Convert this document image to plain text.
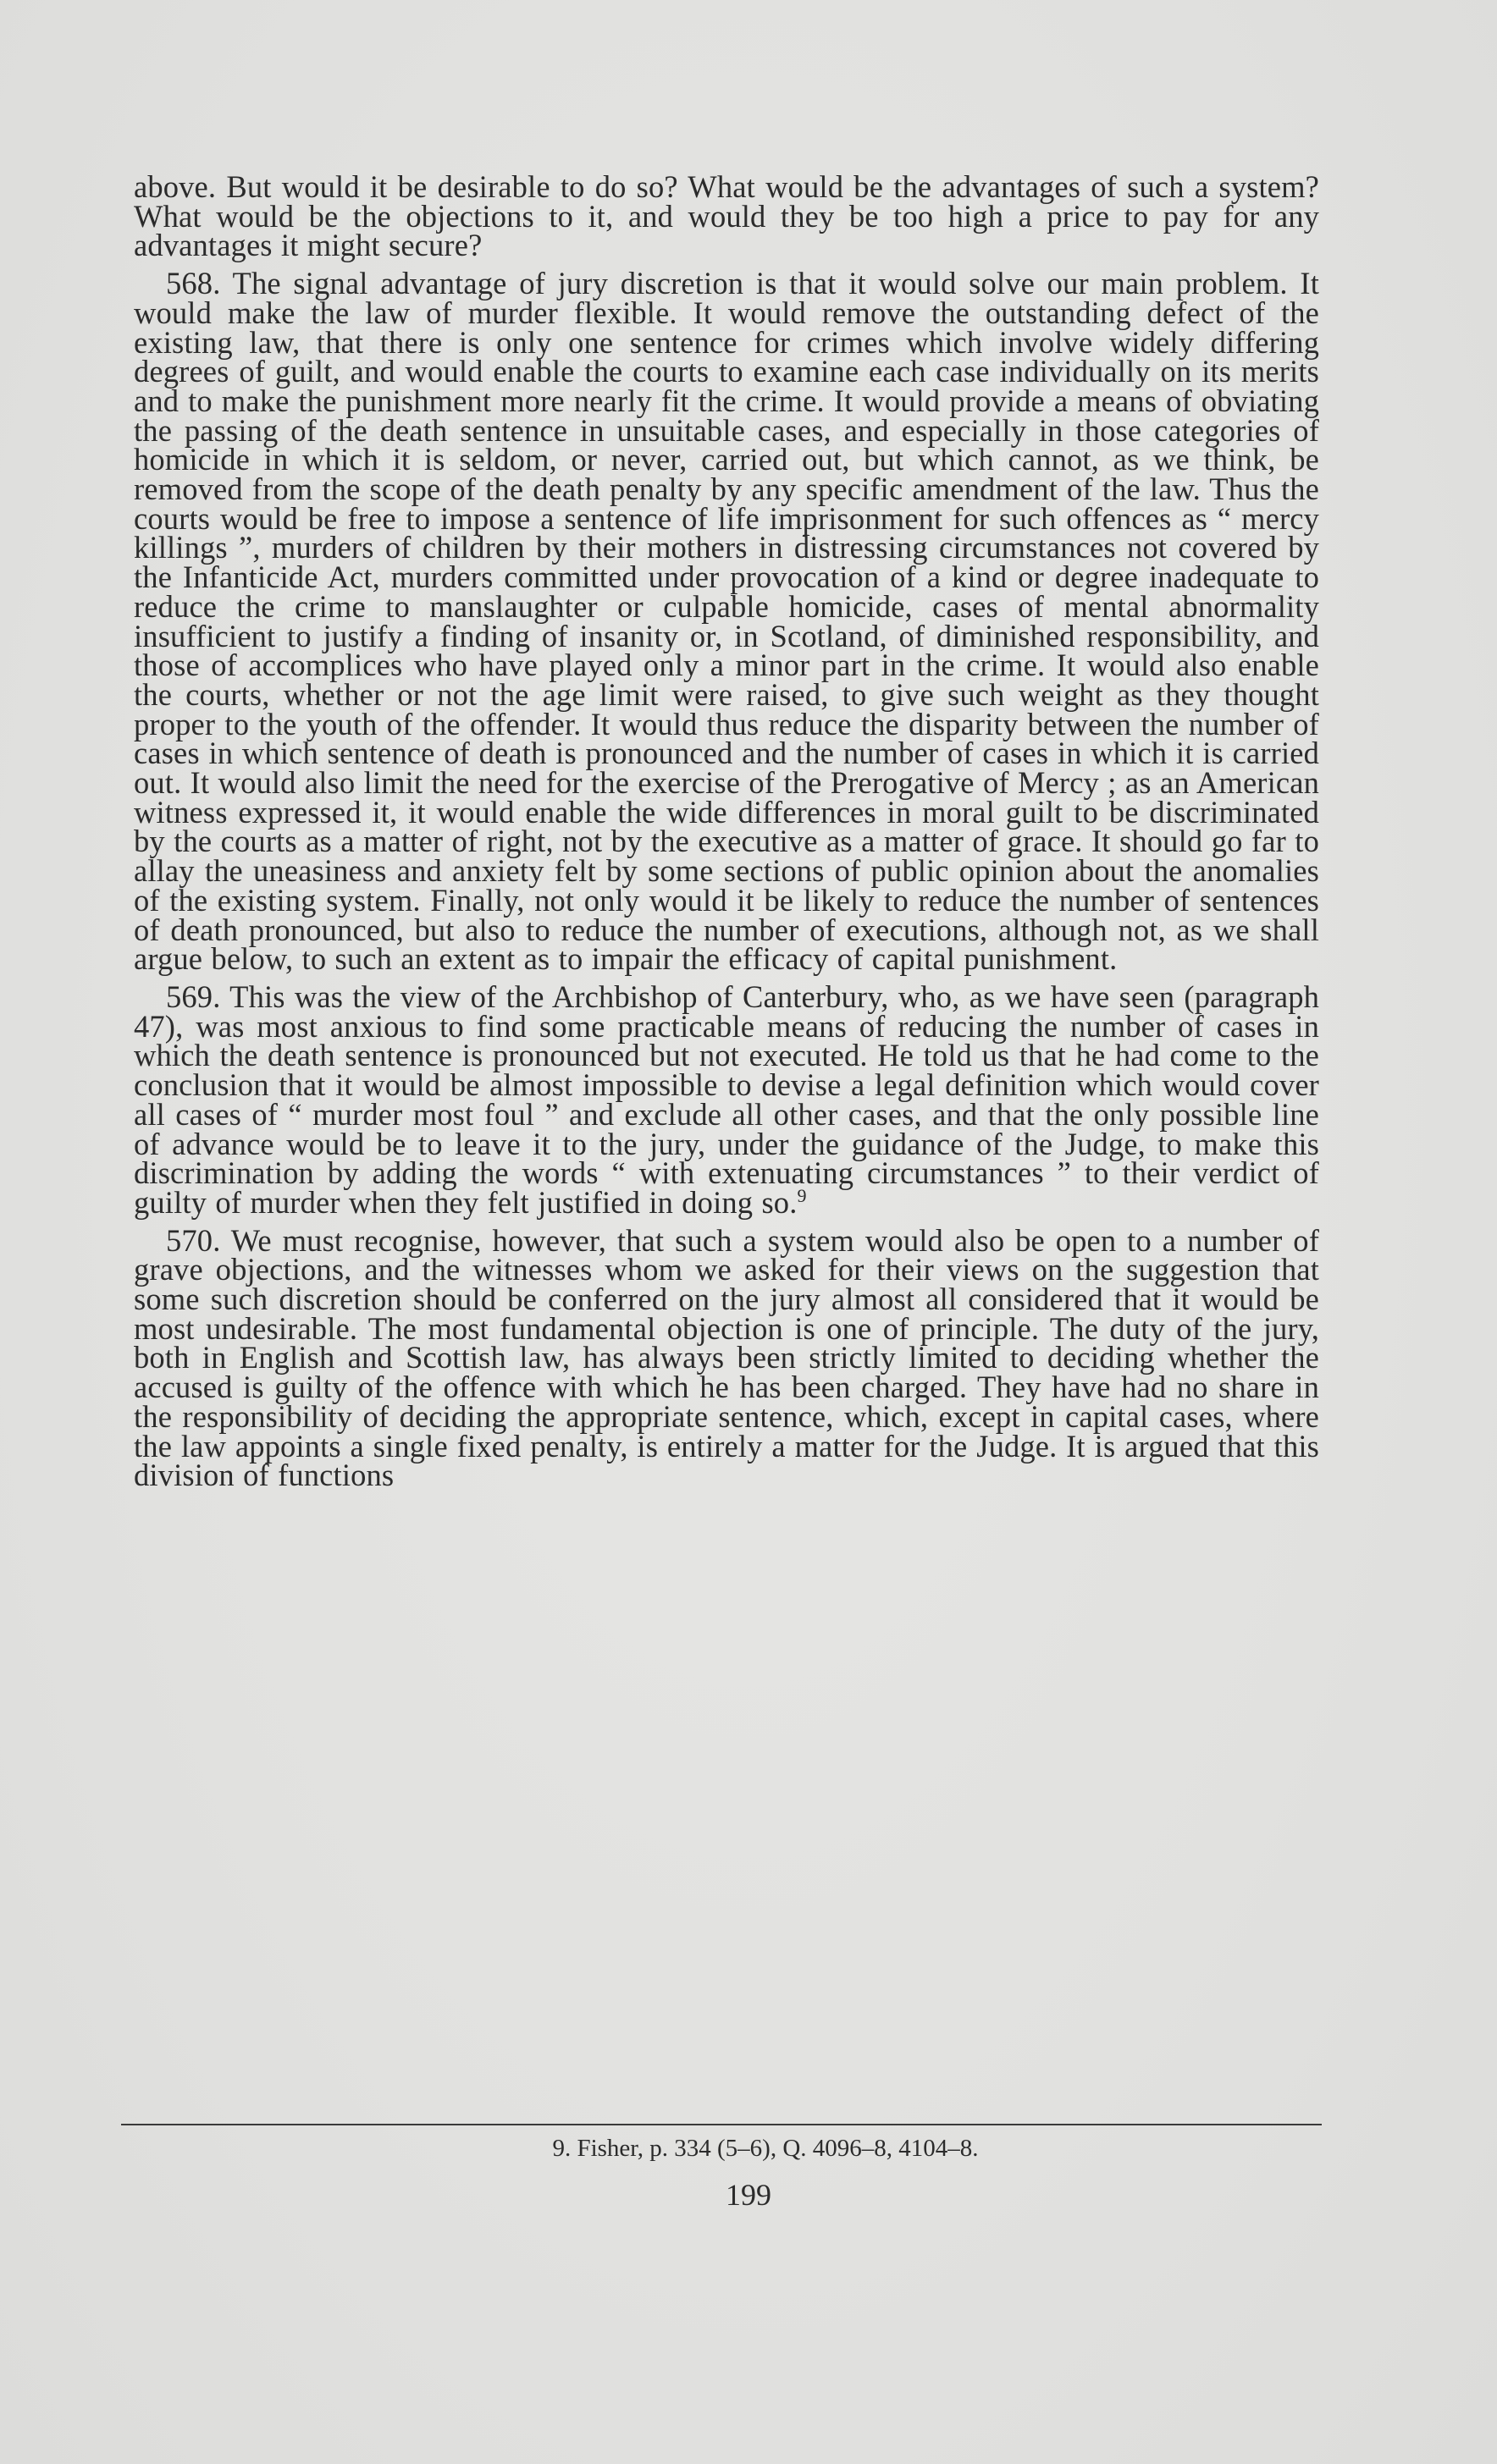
above. But would it be desirable to do so? What would be the advantages of such a system? What would be the objections to it, and would they be too high a price to pay for any advantages it might secure?

568. The signal advantage of jury discretion is that it would solve our main problem. It would make the law of murder flexible. It would remove the outstanding defect of the existing law, that there is only one sentence for crimes which involve widely differing degrees of guilt, and would enable the courts to examine each case individually on its merits and to make the punishment more nearly fit the crime. It would provide a means of obviating the passing of the death sentence in unsuitable cases, and especially in those categories of homicide in which it is seldom, or never, carried out, but which cannot, as we think, be removed from the scope of the death penalty by any specific amendment of the law. Thus the courts would be free to impose a sentence of life imprisonment for such offences as “ mercy killings ”, murders of children by their mothers in distressing circumstances not covered by the Infanticide Act, murders committed under provocation of a kind or degree inadequate to reduce the crime to manslaughter or culpable homicide, cases of mental abnormality insufficient to justify a finding of insanity or, in Scotland, of diminished responsibility, and those of accomplices who have played only a minor part in the crime. It would also enable the courts, whether or not the age limit were raised, to give such weight as they thought proper to the youth of the offender. It would thus reduce the disparity between the number of cases in which sentence of death is pronounced and the number of cases in which it is carried out. It would also limit the need for the exercise of the Prerogative of Mercy ; as an American witness expressed it, it would enable the wide differences in moral guilt to be discriminated by the courts as a matter of right, not by the executive as a matter of grace. It should go far to allay the uneasiness and anxiety felt by some sections of public opinion about the anomalies of the existing system. Finally, not only would it be likely to reduce the number of sentences of death pronounced, but also to reduce the number of executions, although not, as we shall argue below, to such an extent as to impair the efficacy of capital punishment.

569. This was the view of the Archbishop of Canterbury, who, as we have seen (paragraph 47), was most anxious to find some practicable means of reducing the number of cases in which the death sentence is pronounced but not executed. He told us that he had come to the conclusion that it would be almost impossible to devise a legal definition which would cover all cases of “ murder most foul ” and exclude all other cases, and that the only possible line of advance would be to leave it to the jury, under the guidance of the Judge, to make this discrimination by adding the words “ with extenuating circumstances ” to their verdict of guilty of murder when they felt justified in doing so.$^9$

570. We must recognise, however, that such a system would also be open to a number of grave objections, and the witnesses whom we asked for their views on the suggestion that some such discretion should be conferred on the jury almost all considered that it would be most undesirable. The most fundamental objection is one of principle. The duty of the jury, both in English and Scottish law, has always been strictly limited to deciding whether the accused is guilty of the offence with which he has been charged. They have had no share in the responsibility of deciding the appropriate sentence, which, except in capital cases, where the law appoints a single fixed penalty, is entirely a matter for the Judge. It is argued that this division of functions

9. Fisher, p. 334 (5–6), Q. 4096–8, 4104–8.
199
